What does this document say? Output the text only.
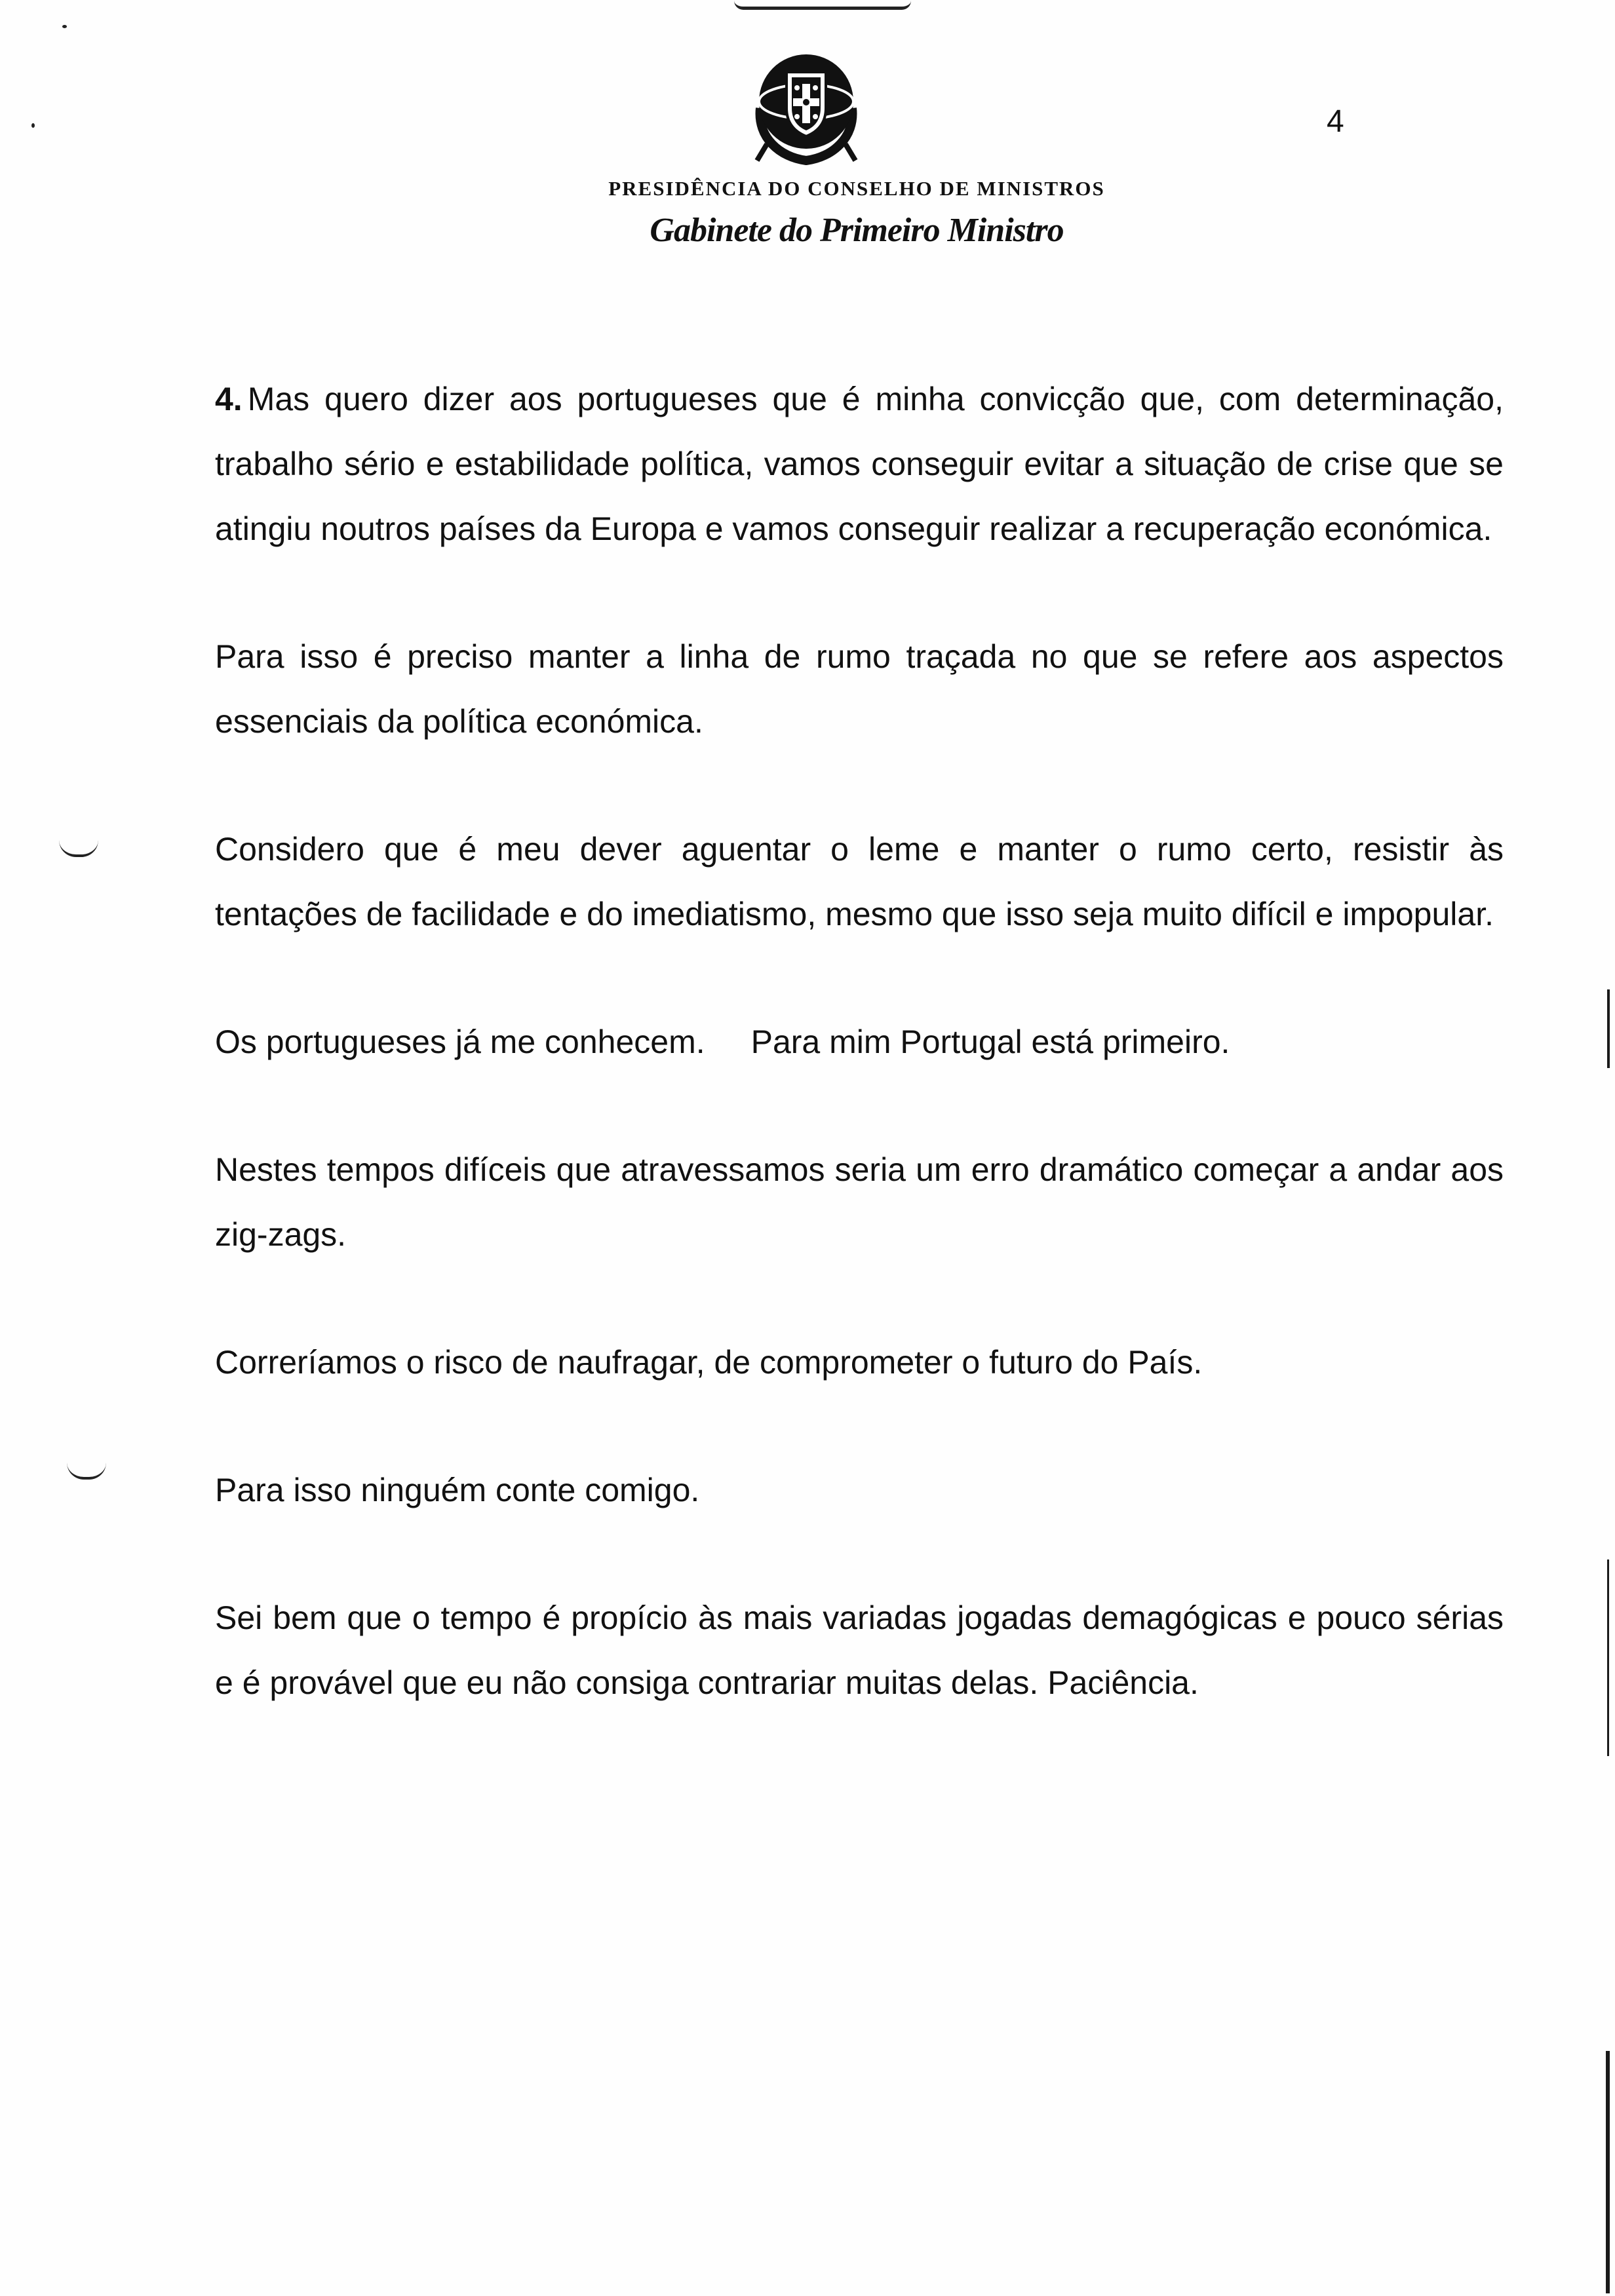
4
PRESIDÊNCIA DO CONSELHO DE MINISTROS
Gabinete do Primeiro Ministro

4. Mas quero dizer aos portugueses que é minha convicção que, com determinação, trabalho sério e estabilidade política, vamos conseguir evitar a situação de crise que se atingiu noutros países da Europa e vamos conseguir realizar a recuperação económica.

Para isso é preciso manter a linha de rumo traçada no que se refere aos aspectos essenciais da política económica.

Considero que é meu dever aguentar o leme e manter o rumo certo, resistir às tentações de facilidade e do imediatismo, mesmo que isso seja muito difícil e impopular.

Os portugueses já me conhecem. Para mim Portugal está primeiro.

Nestes tempos difíceis que atravessamos seria um erro dramático começar a andar aos zig-zags.

Correríamos o risco de naufragar, de comprometer o futuro do País.

Para isso ninguém conte comigo.

Sei bem que o tempo é propício às mais variadas jogadas demagógicas e pouco sérias e é provável que eu não consiga contrariar muitas delas. Paciência.
